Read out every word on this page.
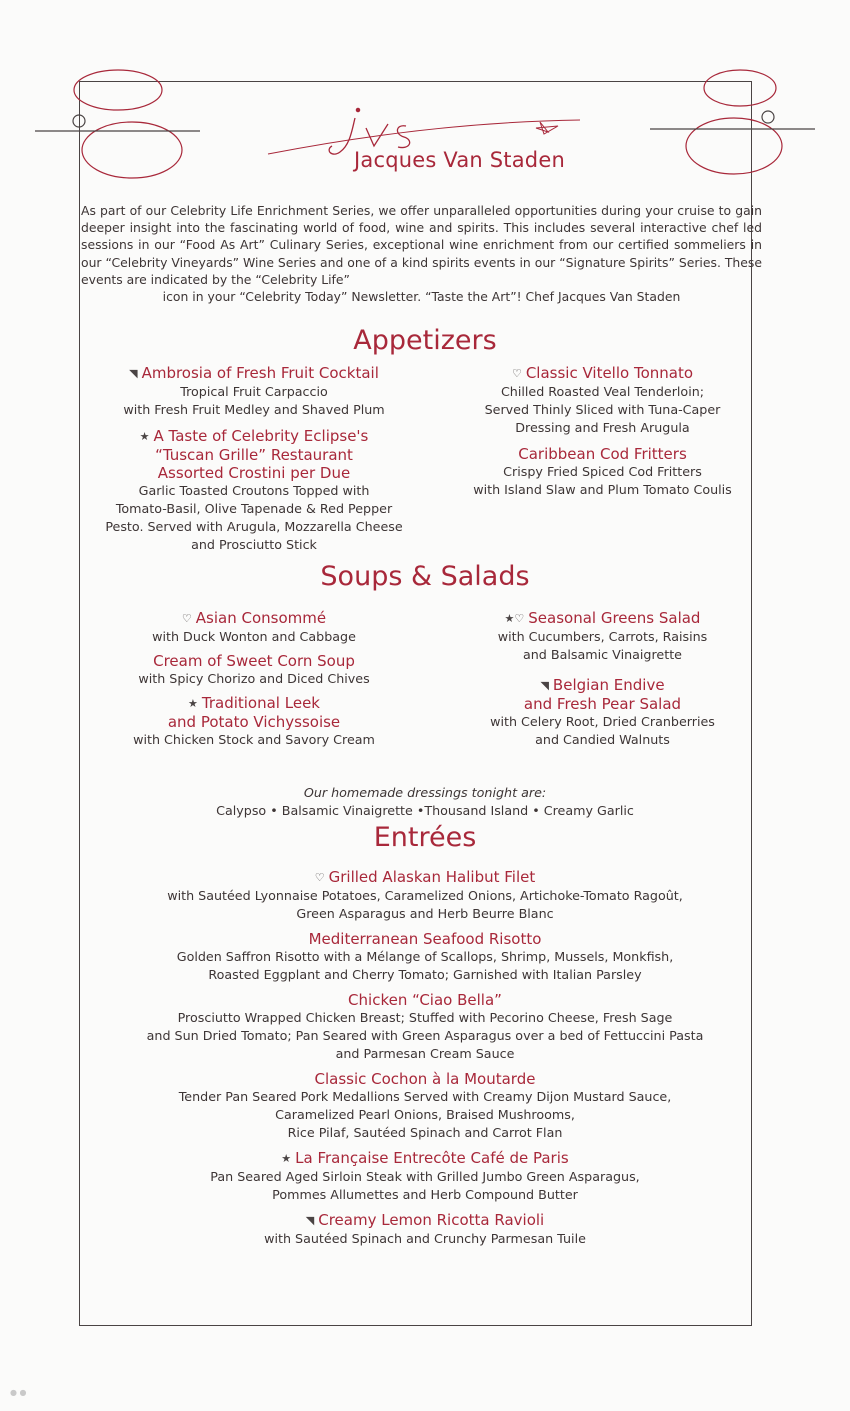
Jacques Van Staden
As part of our Celebrity Life Enrichment Series, we offer unparalleled opportunities during your cruise to gain deeper insight into the fascinating world of food, wine and spirits. This includes several interactive chef led sessions in our “Food As Art” Culinary Series, exceptional wine enrichment from our certified sommeliers in our “Celebrity Vineyards” Wine Series and one of a kind spirits events in our “Signature Spirits” Series. These events are indicated by the “Celebrity Life”
icon in your “Celebrity Today” Newsletter. “Taste the Art”! Chef Jacques Van Staden
Appetizers
◥ Ambrosia of Fresh Fruit Cocktail
Tropical Fruit Carpaccio
with Fresh Fruit Medley and Shaved Plum
★ A Taste of Celebrity Eclipse's
“Tuscan Grille” Restaurant
Assorted Crostini per Due
Garlic Toasted Croutons Topped with
Tomato-Basil, Olive Tapenade & Red Pepper
Pesto. Served with Arugula, Mozzarella Cheese
and Prosciutto Stick
♡ Classic Vitello Tonnato
Chilled Roasted Veal Tenderloin;
Served Thinly Sliced with Tuna-Caper
Dressing and Fresh Arugula
Caribbean Cod Fritters
Crispy Fried Spiced Cod Fritters
with Island Slaw and Plum Tomato Coulis
Soups & Salads
♡ Asian Consommé
with Duck Wonton and Cabbage
Cream of Sweet Corn Soup
with Spicy Chorizo and Diced Chives
★ Traditional Leek
and Potato Vichyssoise
with Chicken Stock and Savory Cream
★♡ Seasonal Greens Salad
with Cucumbers, Carrots, Raisins
and Balsamic Vinaigrette
◥ Belgian Endive
and Fresh Pear Salad
with Celery Root, Dried Cranberries
and Candied Walnuts
Our homemade dressings tonight are:
Calypso • Balsamic Vinaigrette •Thousand Island • Creamy Garlic
Entrées
♡ Grilled Alaskan Halibut Filet
with Sautéed Lyonnaise Potatoes, Caramelized Onions, Artichoke-Tomato Ragoût,
Green Asparagus and Herb Beurre Blanc
Mediterranean Seafood Risotto
Golden Saffron Risotto with a Mélange of Scallops, Shrimp, Mussels, Monkfish,
Roasted Eggplant and Cherry Tomato; Garnished with Italian Parsley
Chicken “Ciao Bella”
Prosciutto Wrapped Chicken Breast; Stuffed with Pecorino Cheese, Fresh Sage
and Sun Dried Tomato; Pan Seared with Green Asparagus over a bed of Fettuccini Pasta
and Parmesan Cream Sauce
Classic Cochon à la Moutarde
Tender Pan Seared Pork Medallions Served with Creamy Dijon Mustard Sauce,
Caramelized Pearl Onions, Braised Mushrooms,
Rice Pilaf, Sautéed Spinach and Carrot Flan
★ La Française Entrecôte Café de Paris
Pan Seared Aged Sirloin Steak with Grilled Jumbo Green Asparagus,
Pommes Allumettes and Herb Compound Butter
◥ Creamy Lemon Ricotta Ravioli
with Sautéed Spinach and Crunchy Parmesan Tuile
● ●
